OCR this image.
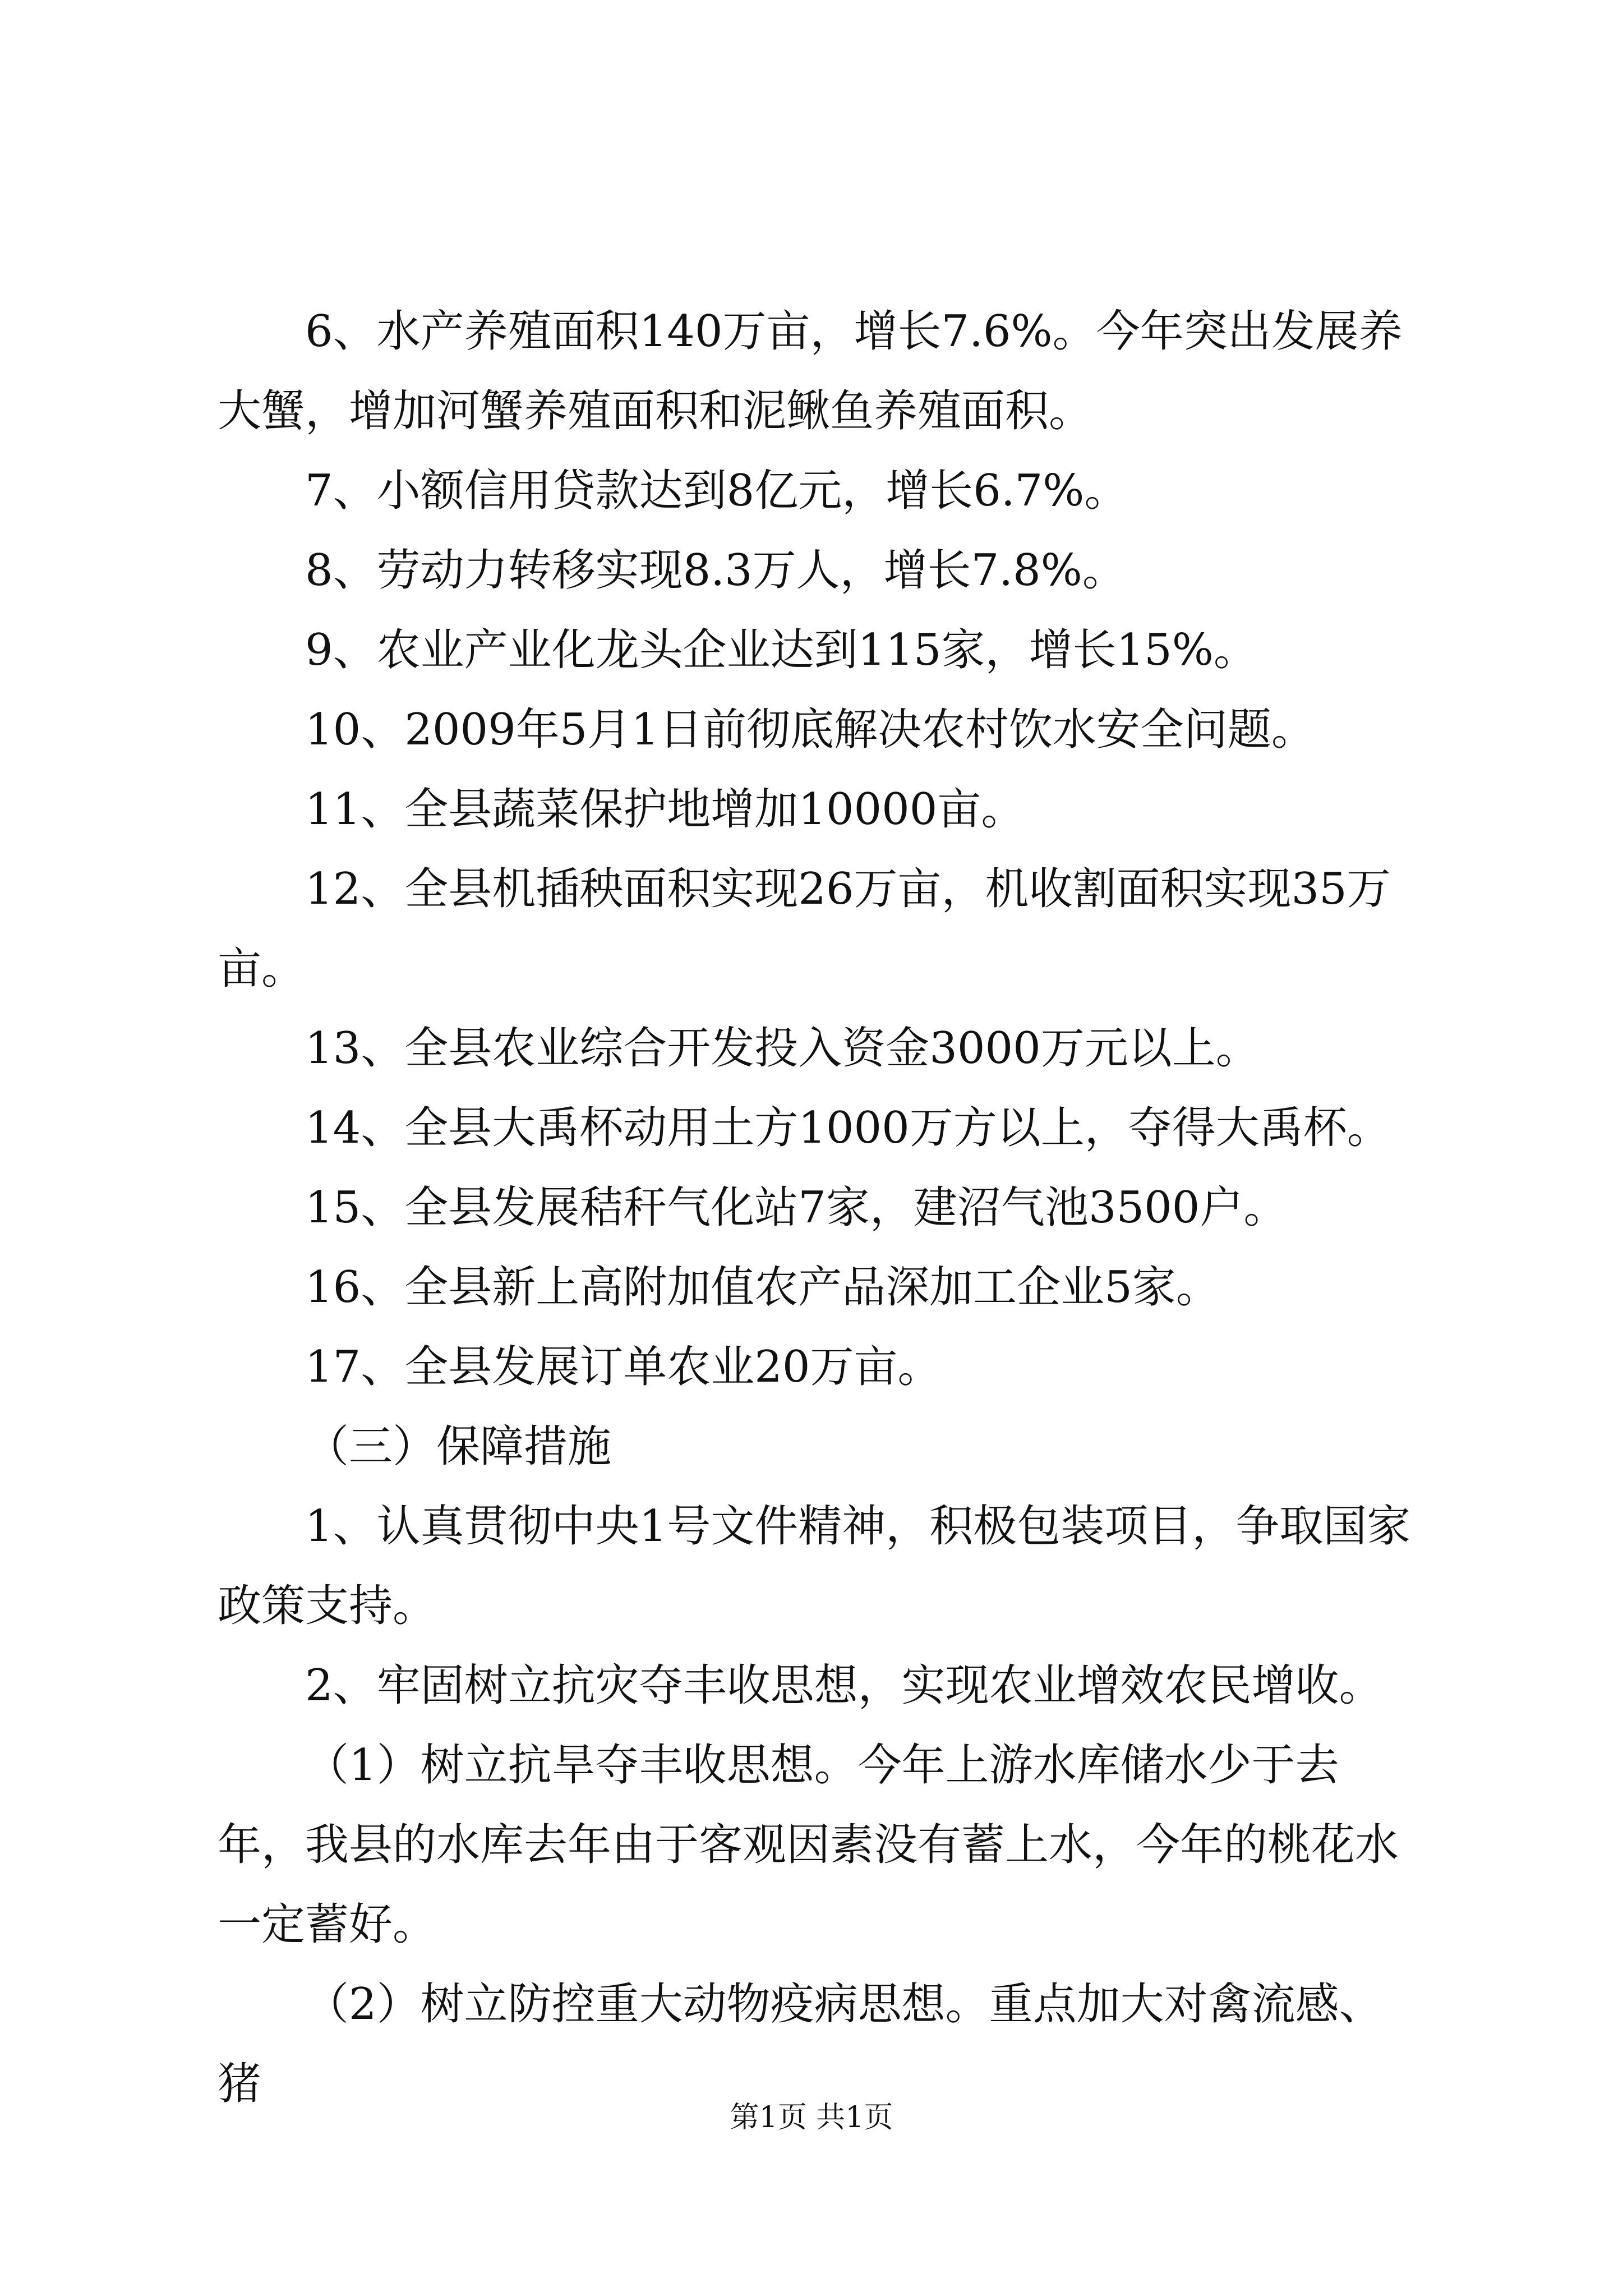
6、水产养殖面积140万亩，增长7.6%。今年突出发展养大蟹，增加河蟹养殖面积和泥鳅鱼养殖面积。

7、小额信用贷款达到8亿元，增长6.7%。

8、劳动力转移实现8.3万人，增长7.8%。

9、农业产业化龙头企业达到115家，增长15%。

10、2009年5月1日前彻底解决农村饮水安全问题。

11、全县蔬菜保护地增加10000亩。

12、全县机插秧面积实现26万亩，机收割面积实现35万亩。

13、全县农业综合开发投入资金3000万元以上。

14、全县大禹杯动用土方1000万方以上，夺得大禹杯。

15、全县发展秸秆气化站7家，建沼气池3500户。

16、全县新上高附加值农产品深加工企业5家。

17、全县发展订单农业20万亩。

（三）保障措施

1、认真贯彻中央1号文件精神，积极包装项目，争取国家政策支持。

2、牢固树立抗灾夺丰收思想，实现农业增效农民增收。

（1）树立抗旱夺丰收思想。今年上游水库储水少于去年，我县的水库去年由于客观因素没有蓄上水，今年的桃花水一定蓄好。

（2）树立防控重大动物疫病思想。重点加大对禽流感、猪

第1页 共1页
